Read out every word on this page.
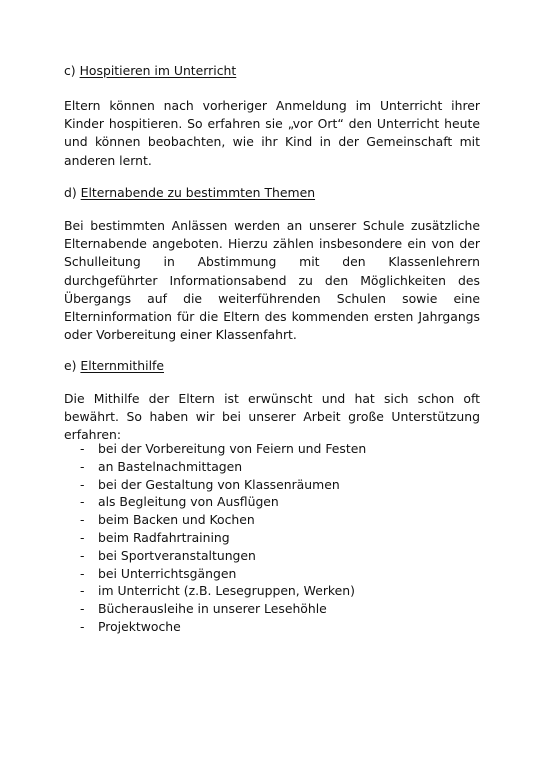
c) Hospitieren im Unterricht
Eltern können nach vorheriger Anmeldung im Unterricht ihrer Kinder hospitieren. So erfahren sie „vor Ort“ den Unterricht heute und können beobachten, wie ihr Kind in der Gemeinschaft mit anderen lernt.
d) Elternabende zu bestimmten Themen
Bei bestimmten Anlässen werden an unserer Schule zusätzliche Elternabende angeboten. Hierzu zählen insbesondere ein von der Schulleitung in Abstimmung mit den Klassenlehrern durchgeführter Informationsabend zu den Möglichkeiten des Übergangs auf die weiterführenden Schulen sowie eine Elterninformation für die Eltern des kommenden ersten Jahrgangs oder Vorbereitung einer Klassenfahrt.
e) Elternmithilfe
Die Mithilfe der Eltern ist erwünscht und hat sich schon oft bewährt. So haben wir bei unserer Arbeit große Unterstützung erfahren:
- bei der Vorbereitung von Feiern und Festen
- an Bastelnachmittagen
- bei der Gestaltung von Klassenräumen
- als Begleitung von Ausflügen
- beim Backen und Kochen
- beim Radfahrtraining
- bei Sportveranstaltungen
- bei Unterrichtsgängen
- im Unterricht (z.B. Lesegruppen, Werken)
- Bücherausleihe in unserer Lesehöhle
- Projektwoche
